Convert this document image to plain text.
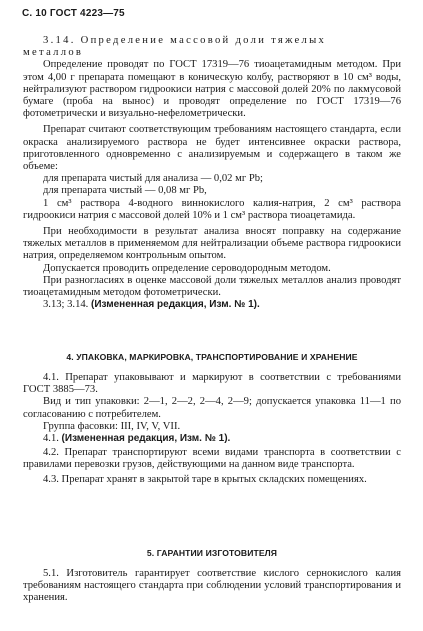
С. 10 ГОСТ 4223—75

3.14. Определение массовой доли тяжелых

металлов

Определение проводят по ГОСТ 17319—76 тиоацетамидным методом. При этом 4,00 г препарата помещают в коническую колбу, растворяют в 10 см³ воды, нейтрализуют раствором гидроокиси натрия с массовой долей 20% по лакмусовой бумаге (проба на вынос) и проводят определение по ГОСТ 17319—76 фотометрически и визуально-нефелометрически.

Препарат считают соответствующим требованиям настоящего стандарта, если окраска анализируемого раствора не будет интенсивнее окраски раствора, приготовленного одновременно с анализируемым и содержащего в таком же объеме:

для препарата чистый для анализа — 0,02 мг Pb;

для препарата чистый — 0,08 мг Pb,

1 см³ раствора 4-водного виннокислого калия-натрия, 2 см³ раствора гидроокиси натрия с массовой долей 10% и 1 см³ раствора тиоацетамида.

При необходимости в результат анализа вносят поправку на содержание тяжелых металлов в применяемом для нейтрализации объеме раствора гидроокиси натрия, определяемом контрольным опытом.

Допускается проводить определение сероводородным методом.

При разногласиях в оценке массовой доли тяжелых металлов анализ проводят тиоацетамидным методом фотометрически.

3.13; 3.14. (Измененная редакция, Изм. № 1).

4. УПАКОВКА, МАРКИРОВКА, ТРАНСПОРТИРОВАНИЕ И ХРАНЕНИЕ

4.1. Препарат упаковывают и маркируют в соответствии с требованиями ГОСТ 3885—73.

Вид и тип упаковки: 2—1, 2—2, 2—4, 2—9; допускается упаковка 11—1 по согласованию с потребителем.

Группа фасовки: III, IV, V, VII.

4.1. (Измененная редакция, Изм. № 1).

4.2. Препарат транспортируют всеми видами транспорта в соответствии с правилами перевозки грузов, действующими на данном виде транспорта.

4.3. Препарат хранят в закрытой таре в крытых складских помещениях.

5. ГАРАНТИИ ИЗГОТОВИТЕЛЯ

5.1. Изготовитель гарантирует соответствие кислого сернокислого калия требованиям настоящего стандарта при соблюдении условий транспортирования и хранения.
